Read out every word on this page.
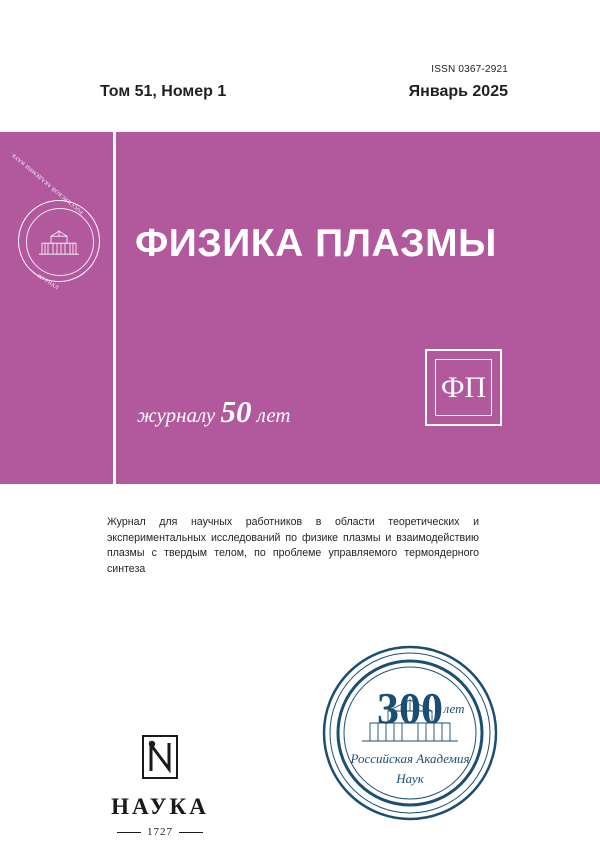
ISSN 0367-2921
Том 51, Номер 1	Январь 2025
ЖУРНАЛ
РОССИЙСКОЙ АКАДЕМИИ НАУК
ФИЗИКА ПЛАЗМЫ
журналу 50 лет
ФП
Журнал для научных работников в области теоретических и экспериментальных исследований по физике плазмы и взаимодействию плазмы с твердым телом, по проблеме управляемого термоядерного синтеза
300 лет
Российская Академия
Наук
НАУКА
1727
